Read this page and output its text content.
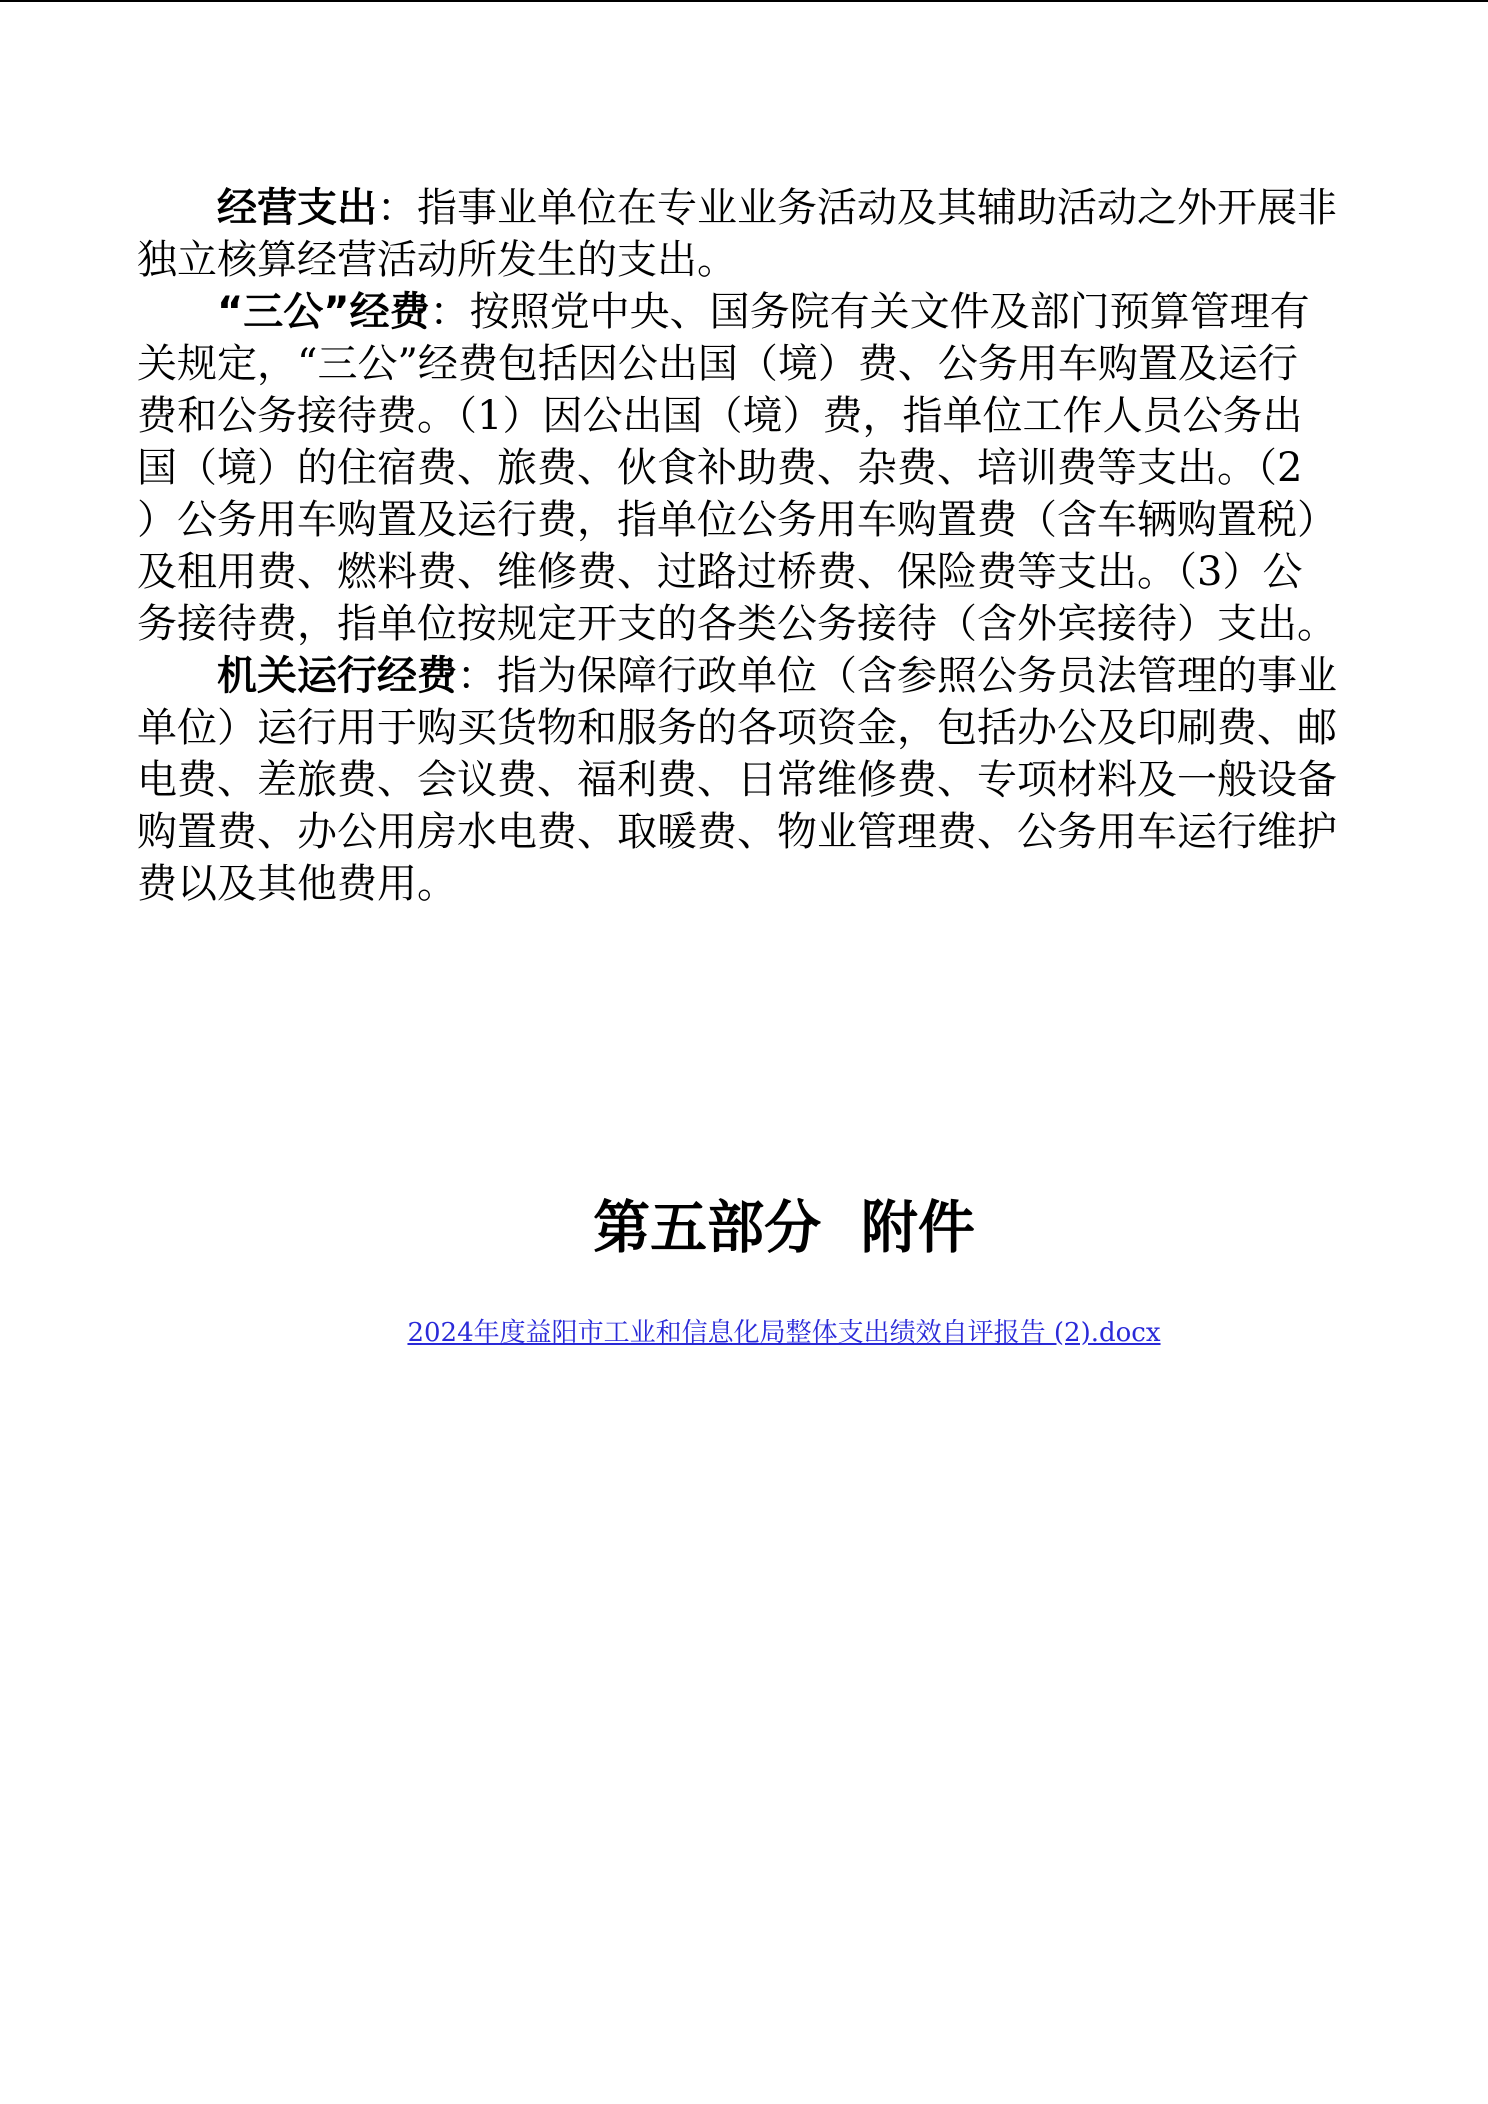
经营支出：指事业单位在专业业务活动及其辅助活动之外开展非
独立核算经营活动所发生的支出。
“三公”经费：按照党中央、国务院有关文件及部门预算管理有
关规定，“三公”经费包括因公出国（境）费、公务用车购置及运行
费和公务接待费。（1）因公出国（境）费，指单位工作人员公务出
国（境）的住宿费、旅费、伙食补助费、杂费、培训费等支出。（2
）公务用车购置及运行费，指单位公务用车购置费（含车辆购置税）
及租用费、燃料费、维修费、过路过桥费、保险费等支出。（3）公
务接待费，指单位按规定开支的各类公务接待（含外宾接待）支出。
机关运行经费：指为保障行政单位（含参照公务员法管理的事业
单位）运行用于购买货物和服务的各项资金，包括办公及印刷费、邮
电费、差旅费、会议费、福利费、日常维修费、专项材料及一般设备
购置费、办公用房水电费、取暖费、物业管理费、公务用车运行维护
费以及其他费用。
第五部分  附件
2024年度益阳市工业和信息化局整体支出绩效自评报告 (2).docx
